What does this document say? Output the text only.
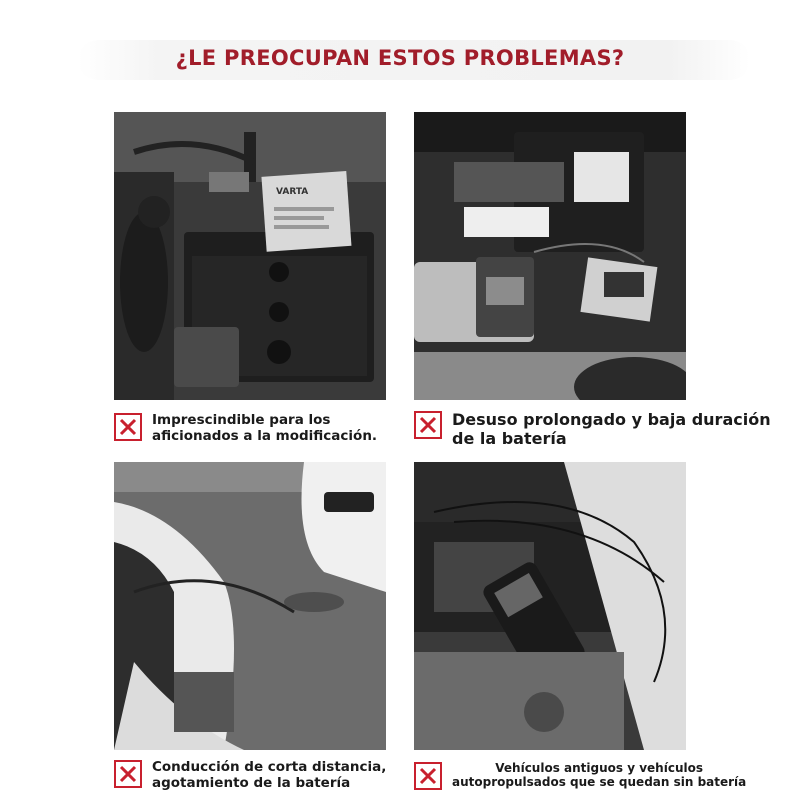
¿LE PREOCUPAN ESTOS PROBLEMAS?
VARTA
Imprescindible para los
aficionados a la modificación.
Desuso prolongado y baja duración
de la batería
Conducción de corta distancia,
agotamiento de la batería
Vehículos antiguos y vehículos
autopropulsados que se quedan sin batería
